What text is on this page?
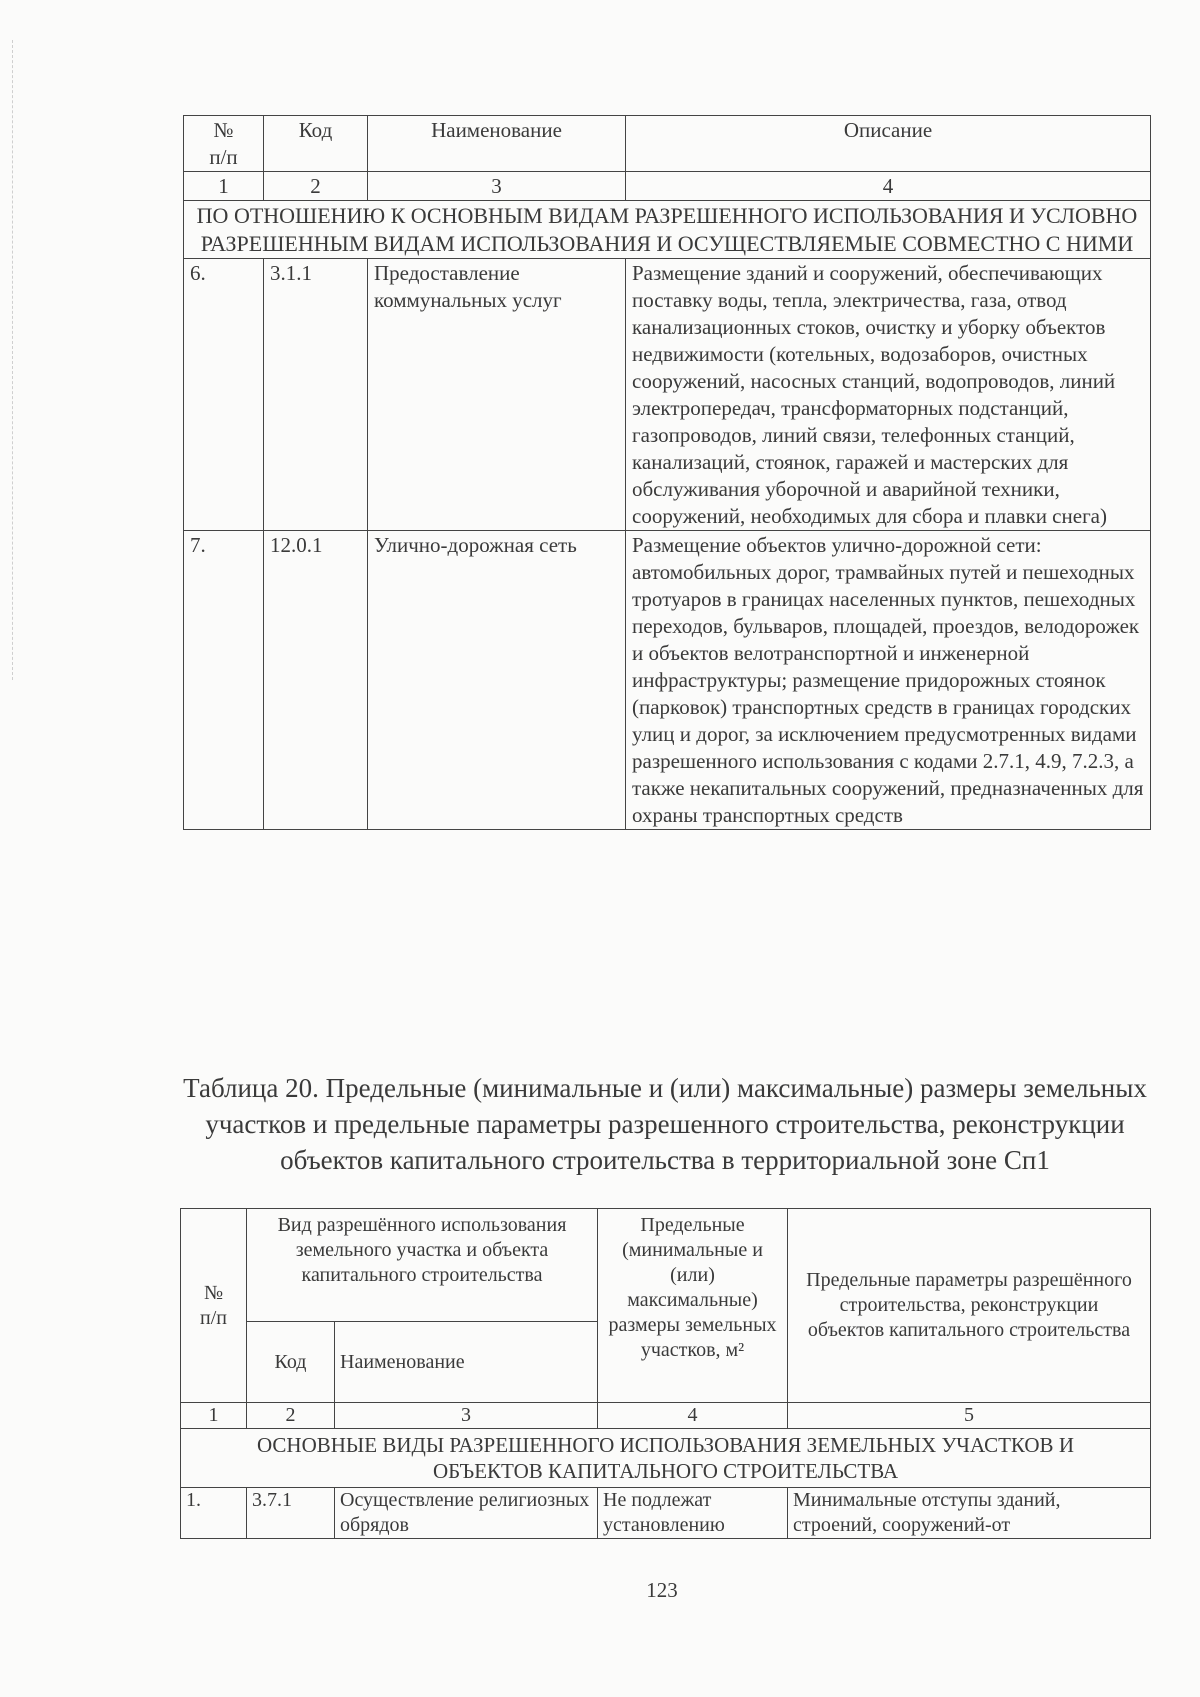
№
п/п	Код	Наименование	Описание
1	2	3	4
ПО ОТНОШЕНИЮ К ОСНОВНЫМ ВИДАМ РАЗРЕШЕННОГО ИСПОЛЬЗОВАНИЯ И УСЛОВНО РАЗРЕШЕННЫМ ВИДАМ ИСПОЛЬЗОВАНИЯ И ОСУЩЕСТВЛЯЕМЫЕ СОВМЕСТНО С НИМИ			
6.	3.1.1	Предоставление коммунальных услуг	Размещение зданий и сооружений, обеспечивающих поставку воды, тепла, электричества, газа, отвод канализационных стоков, очистку и уборку объектов недвижимости (котельных, водозаборов, очистных сооружений, насосных станций, водопроводов, линий электропередач, трансформаторных подстанций, газопроводов, линий связи, телефонных станций, канализаций, стоянок, гаражей и мастерских для обслуживания уборочной и аварийной техники, сооружений, необходимых для сбора и плавки снега)
7.	12.0.1	Улично-дорожная сеть	Размещение объектов улично-дорожной сети: автомобильных дорог, трамвайных путей и пешеходных тротуаров в границах населенных пунктов, пешеходных переходов, бульваров, площадей, проездов, велодорожек и объектов велотранспортной и инженерной инфраструктуры; размещение придорожных стоянок (парковок) транспортных средств в границах городских улиц и дорог, за исключением предусмотренных видами разрешенного использования с кодами 2.7.1, 4.9, 7.2.3, а также некапитальных сооружений, предназначенных для охраны транспортных средств
Таблица 20. Предельные (минимальные и (или) максимальные) размеры земельных участков и предельные параметры разрешенного строительства, реконструкции объектов капитального строительства в территориальной зоне Сп1
№
п/п	Вид разрешённого использования земельного участка и объекта капитального строительства		Предельные (минимальные и (или) максимальные) размеры земельных участков, м²	Предельные параметры разрешённого строительства, реконструкции объектов капитального строительства
	Код	Наименование		
1	2	3	4	5
ОСНОВНЫЕ ВИДЫ РАЗРЕШЕННОГО ИСПОЛЬЗОВАНИЯ ЗЕМЕЛЬНЫХ УЧАСТКОВ И ОБЪЕКТОВ КАПИТАЛЬНОГО СТРОИТЕЛЬСТВА				
1.	3.7.1	Осуществление религиозных обрядов	Не подлежат установлению	Минимальные отступы зданий, строений, сооружений-от
123
